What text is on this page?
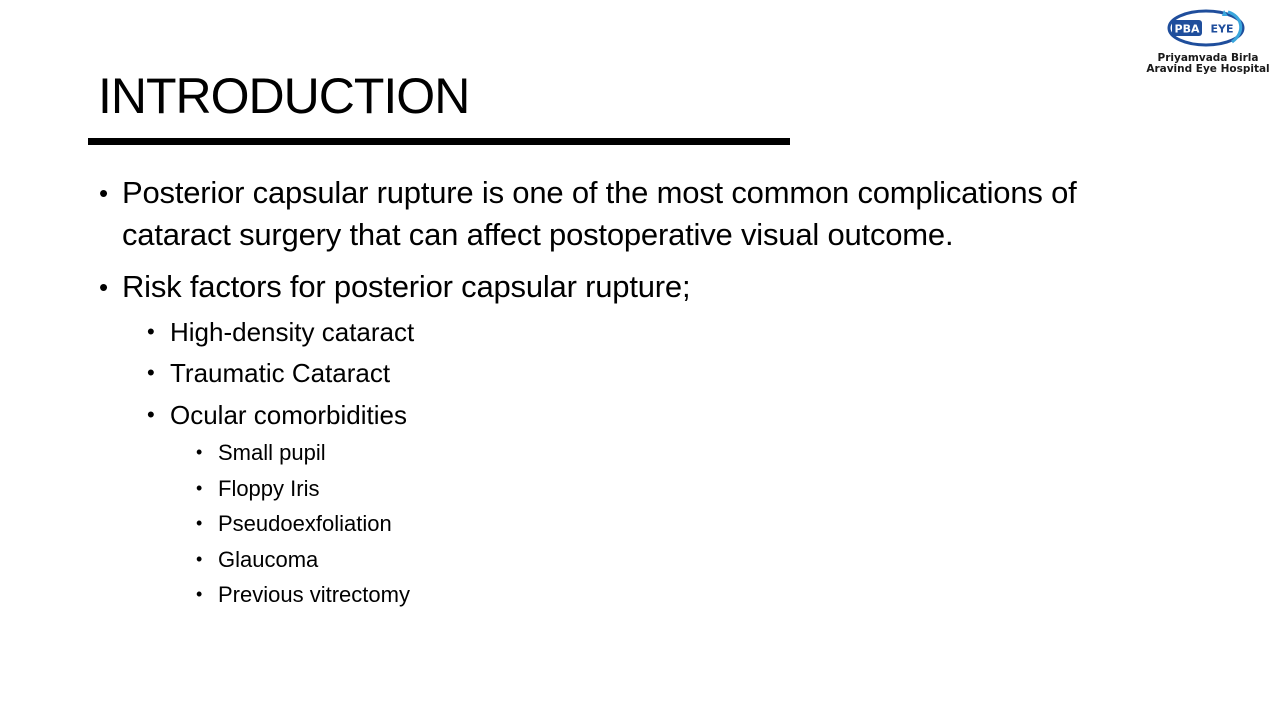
PBA EYE
Priyamvada Birla
Aravind Eye Hospital
INTRODUCTION
• Posterior capsular rupture is one of the most common complications of
cataract surgery that can affect postoperative visual outcome.
• Risk factors for posterior capsular rupture;
• High-density cataract
• Traumatic Cataract
• Ocular comorbidities
• Small pupil
• Floppy Iris
• Pseudoexfoliation
• Glaucoma
• Previous vitrectomy
